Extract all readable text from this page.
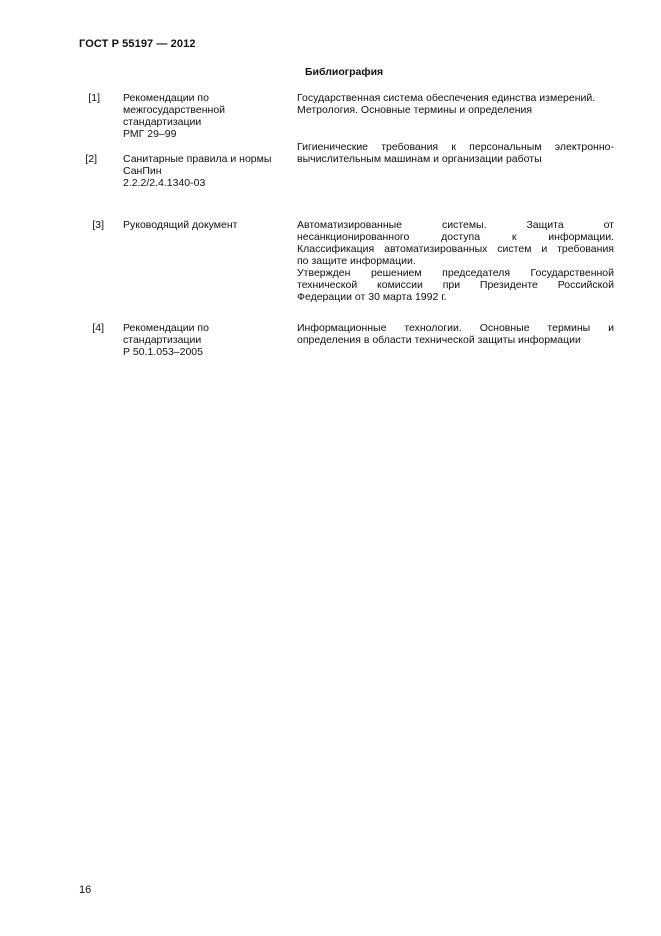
ГОСТ Р 55197 — 2012
Библиография
[1] Рекомендации по
межгосударственной
стандартизации
РМГ 29–99
Государственная система обеспечения единства измерений.
Метрология. Основные термины и определения
[2] Санитарные правила и нормы
СанПин
2.2.2/2.4.1340-03
Гигиенические требования к персональным электронно-
вычислительным машинам и организации работы
[3] Руководящий документ	Автоматизированные системы. Защита от
несанкционированного доступа к информации.
Классификация автоматизированных систем и требования
по защите информации.
Утвержден решением председателя Государственной
технической комиссии при Президенте Российской
Федерации от 30 марта 1992 г.
[4] Рекомендации по
стандартизации
Р 50.1.053–2005
Информационные технологии. Основные термины и
определения в области технической защиты информации
16
